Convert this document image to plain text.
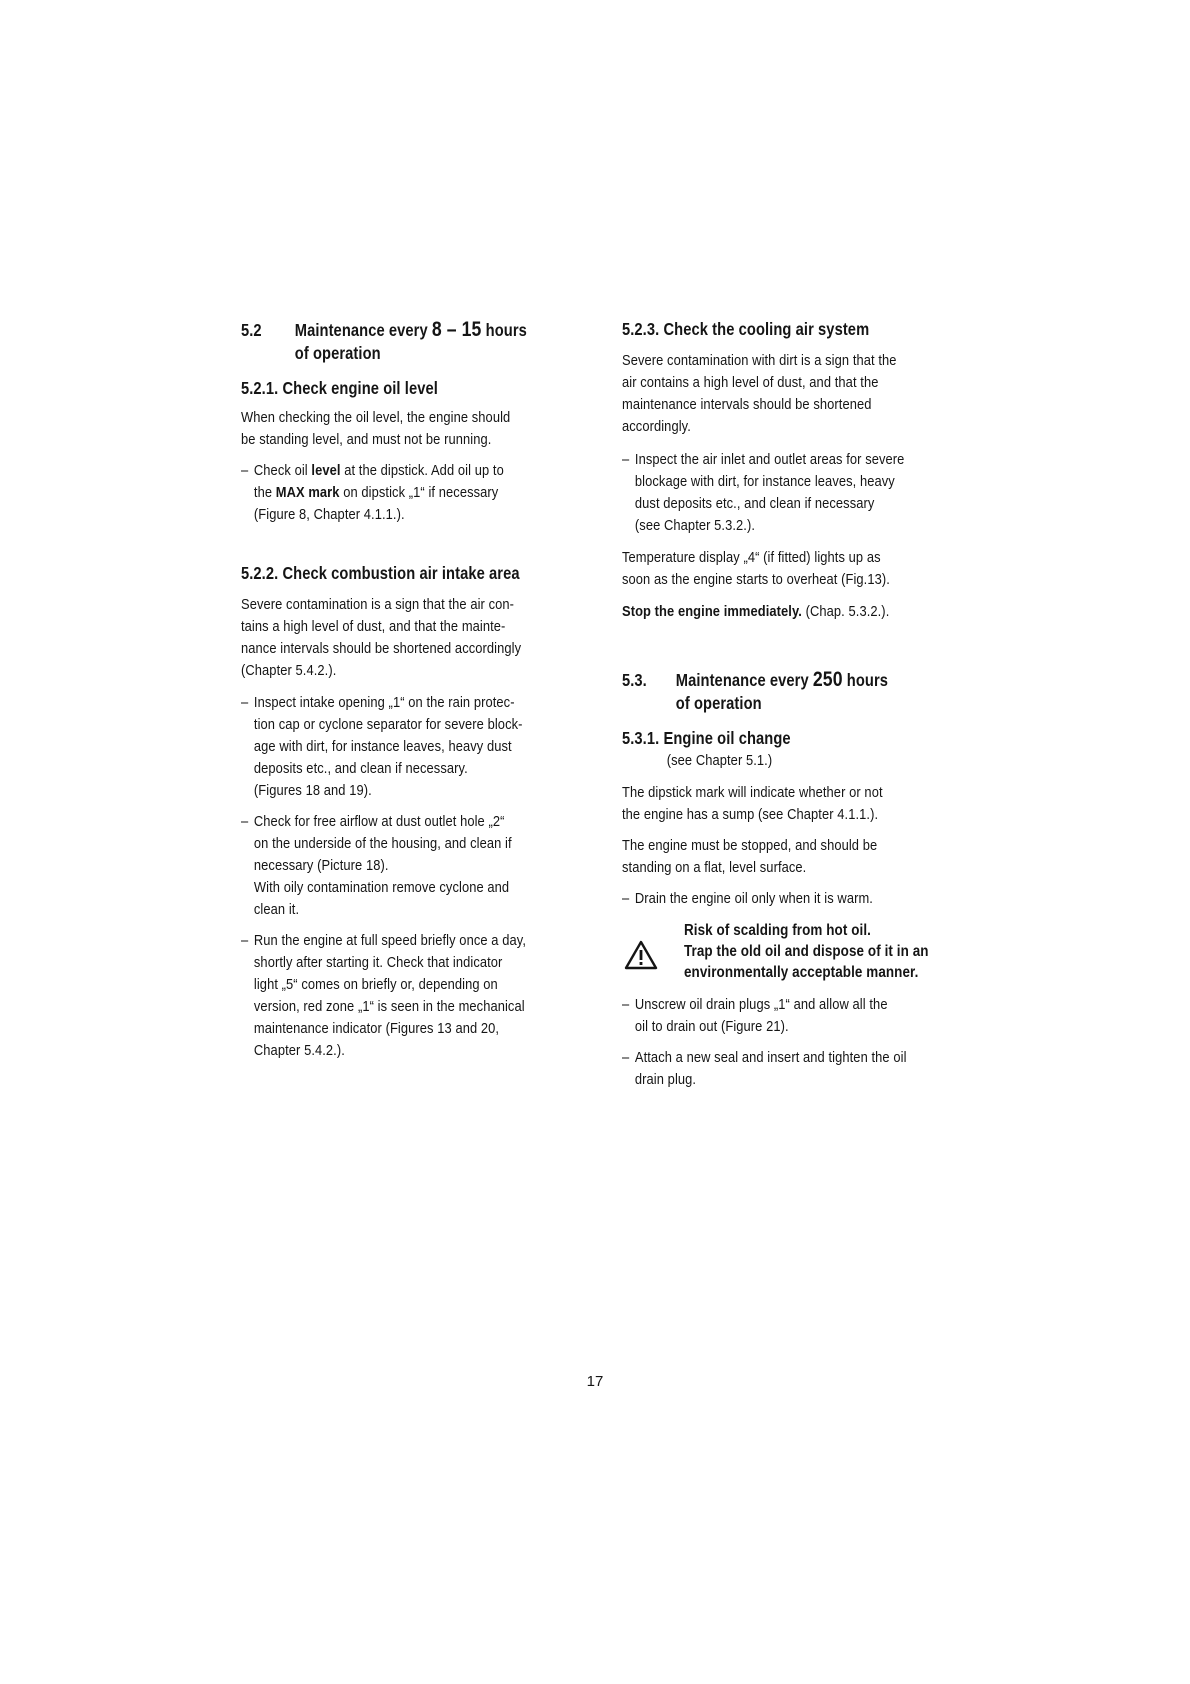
5.2 Maintenance every 8 – 15 hours
of operation
5.2.1. Check engine oil level
When checking the oil level, the engine should
be standing level, and must not be running.
– Check oil level at the dipstick. Add oil up to
the MAX mark on dipstick „1“ if necessary
(Figure 8, Chapter 4.1.1.).
5.2.2. Check combustion air intake area
Severe contamination is a sign that the air con-
tains a high level of dust, and that the mainte-
nance intervals should be shortened accordingly
(Chapter 5.4.2.).
– Inspect intake opening „1“ on the rain protec-
tion cap or cyclone separator for severe block-
age with dirt, for instance leaves, heavy dust
deposits etc., and clean if necessary.
(Figures 18 and 19).
– Check for free airflow at dust outlet hole „2“
on the underside of the housing, and clean if
necessary (Picture 18).
With oily contamination remove cyclone and
clean it.
– Run the engine at full speed briefly once a day,
shortly after starting it. Check that indicator
light „5“ comes on briefly or, depending on
version, red zone „1“ is seen in the mechanical
maintenance indicator (Figures 13 and 20,
Chapter 5.4.2.).
5.2.3. Check the cooling air system
Severe contamination with dirt is a sign that the
air contains a high level of dust, and that the
maintenance intervals should be shortened
accordingly.
– Inspect the air inlet and outlet areas for severe
blockage with dirt, for instance leaves, heavy
dust deposits etc., and clean if necessary
(see Chapter 5.3.2.).
Temperature display „4“ (if fitted) lights up as
soon as the engine starts to overheat (Fig.13).
Stop the engine immediately. (Chap. 5.3.2.).
5.3. Maintenance every 250 hours
of operation
5.3.1. Engine oil change
(see Chapter 5.1.)
The dipstick mark will indicate whether or not
the engine has a sump (see Chapter 4.1.1.).
The engine must be stopped, and should be
standing on a flat, level surface.
– Drain the engine oil only when it is warm.
Risk of scalding from hot oil.
Trap the old oil and dispose of it in an
environmentally acceptable manner.
– Unscrew oil drain plugs „1“ and allow all the
oil to drain out (Figure 21).
– Attach a new seal and insert and tighten the oil
drain plug.
17
